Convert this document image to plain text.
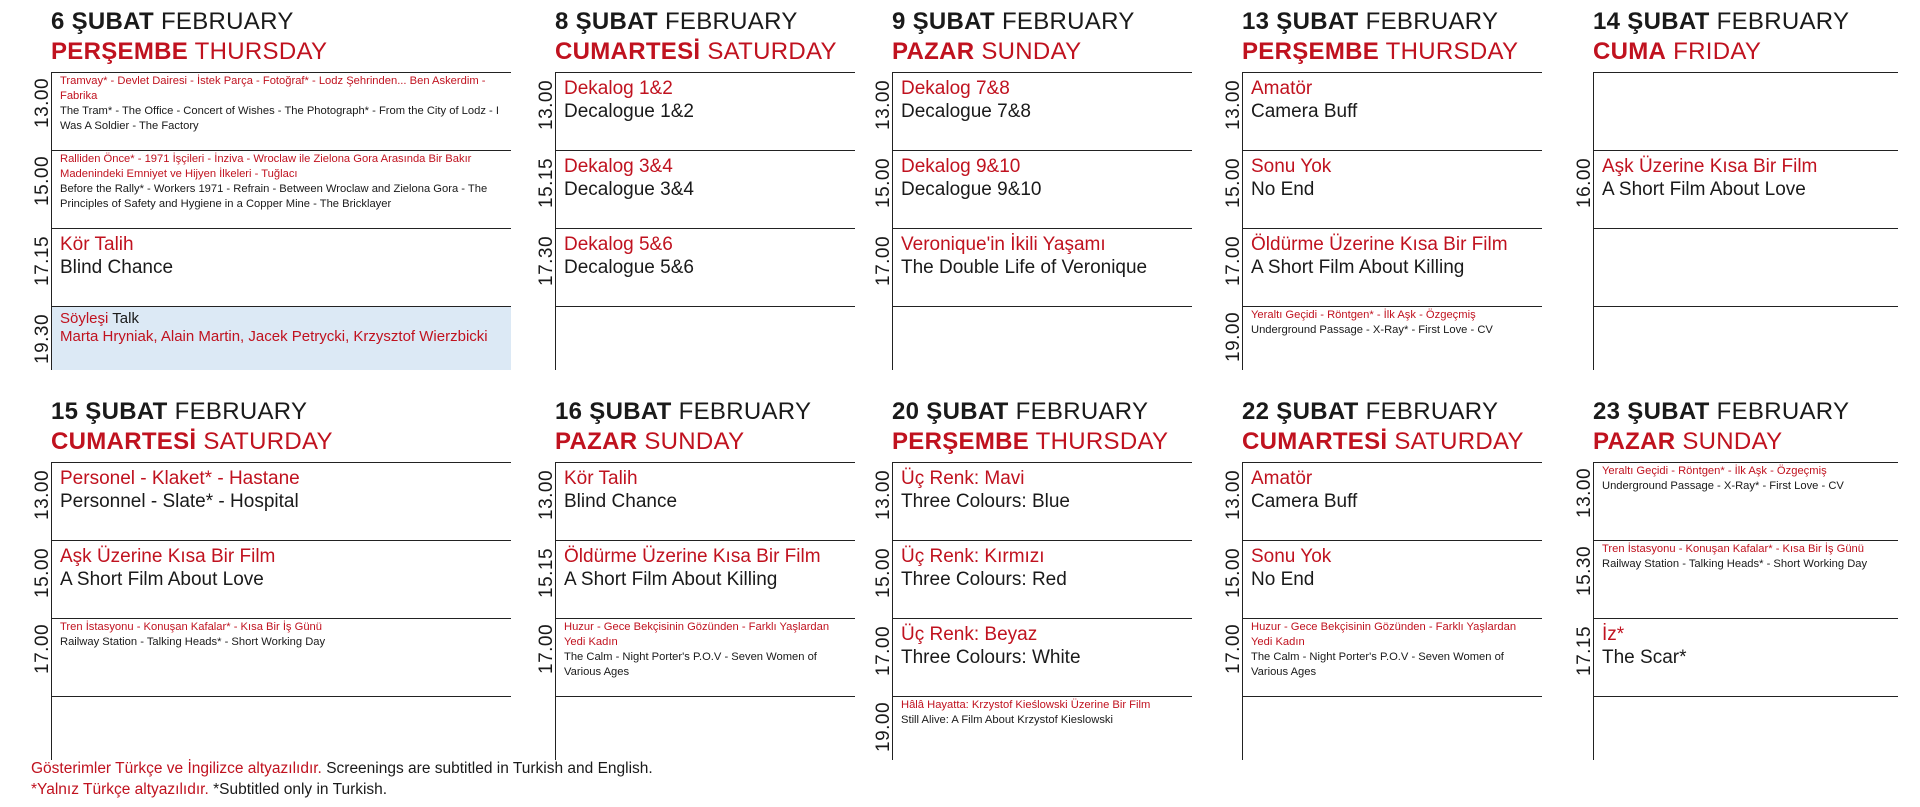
6 ŞUBAT FEBRUARY
PERŞEMBE THURSDAY
13.00 Tramvay* - Devlet Dairesi - İstek Parça - Fotoğraf* - Lodz Şehrinden... Ben Askerdim - Fabrika
The Tram* - The Office - Concert of Wishes - The Photograph* - From the City of Lodz - I Was A Soldier - The Factory
15.00 Ralliden Önce* - 1971 İşçileri - İnziva - Wroclaw ile Zielona Gora Arasında Bir Bakır Madenindeki Emniyet ve Hijyen İlkeleri - Tuğlacı
Before the Rally* - Workers 1971 - Refrain - Between Wroclaw and Zielona Gora - The Principles of Safety and Hygiene in a Copper Mine - The Bricklayer
17.15 Kör Talih
Blind Chance
19.30 Söyleşi Talk
Marta Hryniak, Alain Martin, Jacek Petrycki, Krzysztof Wierzbicki
8 ŞUBAT FEBRUARY
CUMARTESİ SATURDAY
13.00 Dekalog 1&2
Decalogue 1&2
15.15 Dekalog 3&4
Decalogue 3&4
17.30 Dekalog 5&6
Decalogue 5&6
9 ŞUBAT FEBRUARY
PAZAR SUNDAY
13.00 Dekalog 7&8
Decalogue 7&8
15.00 Dekalog 9&10
Decalogue 9&10
17.00 Veronique'in İkili Yaşamı
The Double Life of Veronique
13 ŞUBAT FEBRUARY
PERŞEMBE THURSDAY
13.00 Amatör
Camera Buff
15.00 Sonu Yok
No End
17.00 Öldürme Üzerine Kısa Bir Film
A Short Film About Killing
19.00 Yeraltı Geçidi - Röntgen* - İlk Aşk - Özgeçmiş
Underground Passage - X-Ray* - First Love - CV
14 ŞUBAT FEBRUARY
CUMA FRIDAY
16.00 Aşk Üzerine Kısa Bir Film
A Short Film About Love
15 ŞUBAT FEBRUARY
CUMARTESİ SATURDAY
13.00 Personel - Klaket* - Hastane
Personnel - Slate* - Hospital
15.00 Aşk Üzerine Kısa Bir Film
A Short Film About Love
17.00 Tren İstasyonu - Konuşan Kafalar* - Kısa Bir İş Günü
Railway Station - Talking Heads* - Short Working Day
16 ŞUBAT FEBRUARY
PAZAR SUNDAY
13.00 Kör Talih
Blind Chance
15.15 Öldürme Üzerine Kısa Bir Film
A Short Film About Killing
17.00 Huzur - Gece Bekçisinin Gözünden - Farklı Yaşlardan Yedi Kadın
The Calm - Night Porter's P.O.V - Seven Women of Various Ages
20 ŞUBAT FEBRUARY
PERŞEMBE THURSDAY
13.00 Üç Renk: Mavi
Three Colours: Blue
15.00 Üç Renk: Kırmızı
Three Colours: Red
17.00 Üç Renk: Beyaz
Three Colours: White
19.00 Hâlâ Hayatta: Krzystof Kieślowski Üzerine Bir Film
Still Alive: A Film About Krzystof Kieslowski
22 ŞUBAT FEBRUARY
CUMARTESİ SATURDAY
13.00 Amatör
Camera Buff
15.00 Sonu Yok
No End
17.00 Huzur - Gece Bekçisinin Gözünden - Farklı Yaşlardan Yedi Kadın
The Calm - Night Porter's P.O.V - Seven Women of Various Ages
23 ŞUBAT FEBRUARY
PAZAR SUNDAY
13.00 Yeraltı Geçidi - Röntgen* - İlk Aşk - Özgeçmiş
Underground Passage - X-Ray* - First Love - CV
15.30 Tren İstasyonu - Konuşan Kafalar* - Kısa Bir İş Günü
Railway Station - Talking Heads* - Short Working Day
17.15 İz*
The Scar*
Gösterimler Türkçe ve İngilizce altyazılıdır. Screenings are subtitled in Turkish and English.
*Yalnız Türkçe altyazılıdır. *Subtitled only in Turkish.
